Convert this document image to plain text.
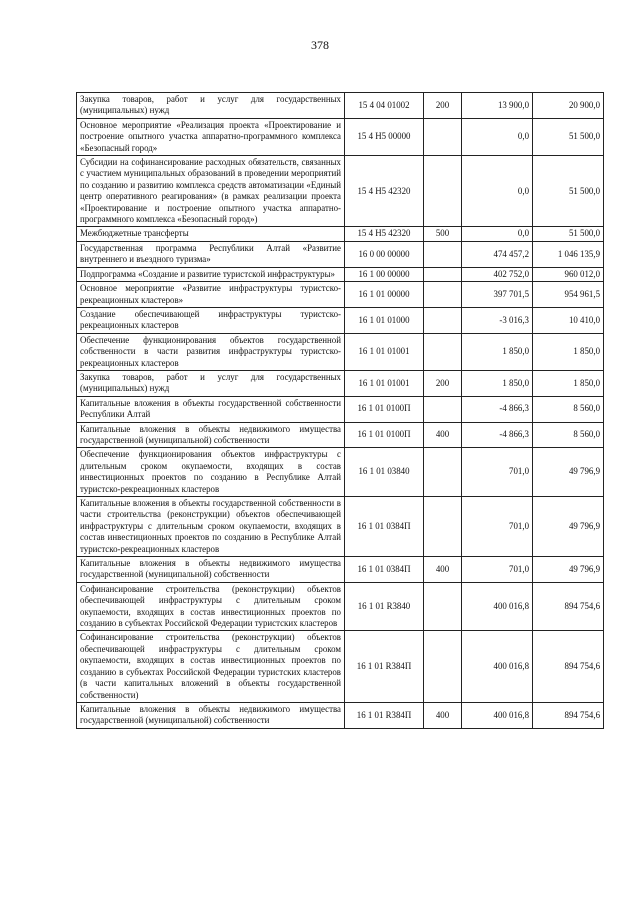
378
Закупка товаров, работ и услуг для государственных (муниципальных) нужд	15 4 04 01002	200	13 900,0	20 900,0
Основное мероприятие «Реализация проекта «Проектирование и построение опытного участка аппаратно-программного комплекса «Безопасный город»	15 4 Н5 00000		0,0	51 500,0
Субсидии на софинансирование расходных обязательств, связанных с участием муниципальных образований в проведении мероприятий по созданию и развитию комплекса средств автоматизации «Единый центр оперативного реагирования» (в рамках реализации проекта «Проектирование и построение опытного участка аппаратно-программного комплекса «Безопасный город»)	15 4 Н5 42320		0,0	51 500,0
Межбюджетные трансферты	15 4 Н5 42320	500	0,0	51 500,0
Государственная программа Республики Алтай «Развитие внутреннего и въездного туризма»	16 0 00 00000		474 457,2	1 046 135,9
Подпрограмма «Создание и развитие туристской инфраструктуры»	16 1 00 00000		402 752,0	960 012,0
Основное мероприятие «Развитие инфраструктуры туристско-рекреационных кластеров»	16 1 01 00000		397 701,5	954 961,5
Создание обеспечивающей инфраструктуры туристско-рекреационных кластеров	16 1 01 01000		-3 016,3	10 410,0
Обеспечение функционирования объектов государственной собственности в части развития инфраструктуры туристско-рекреационных кластеров	16 1 01 01001		1 850,0	1 850,0
Закупка товаров, работ и услуг для государственных (муниципальных) нужд	16 1 01 01001	200	1 850,0	1 850,0
Капитальные вложения в объекты государственной собственности Республики Алтай	16 1 01 0100П		-4 866,3	8 560,0
Капитальные вложения в объекты недвижимого имущества государственной (муниципальной) собственности	16 1 01 0100П	400	-4 866,3	8 560,0
Обеспечение функционирования объектов инфраструктуры с длительным сроком окупаемости, входящих в состав инвестиционных проектов по созданию в Республике Алтай туристско-рекреационных кластеров	16 1 01 03840		701,0	49 796,9
Капитальные вложения в объекты государственной собственности в части строительства (реконструкции) объектов обеспечивающей инфраструктуры с длительным сроком окупаемости, входящих в состав инвестиционных проектов по созданию в Республике Алтай туристско-рекреационных кластеров	16 1 01 0384П		701,0	49 796,9
Капитальные вложения в объекты недвижимого имущества государственной (муниципальной) собственности	16 1 01 0384П	400	701,0	49 796,9
Софинансирование строительства (реконструкции) объектов обеспечивающей инфраструктуры с длительным сроком окупаемости, входящих в состав инвестиционных проектов по созданию в субъектах Российской Федерации туристских кластеров	16 1 01 R3840		400 016,8	894 754,6
Софинансирование строительства (реконструкции) объектов обеспечивающей инфраструктуры с длительным сроком окупаемости, входящих в состав инвестиционных проектов по созданию в субъектах Российской Федерации туристских кластеров (в части капитальных вложений в объекты государственной собственности)	16 1 01 R384П		400 016,8	894 754,6
Капитальные вложения в объекты недвижимого имущества государственной (муниципальной) собственности	16 1 01 R384П	400	400 016,8	894 754,6
